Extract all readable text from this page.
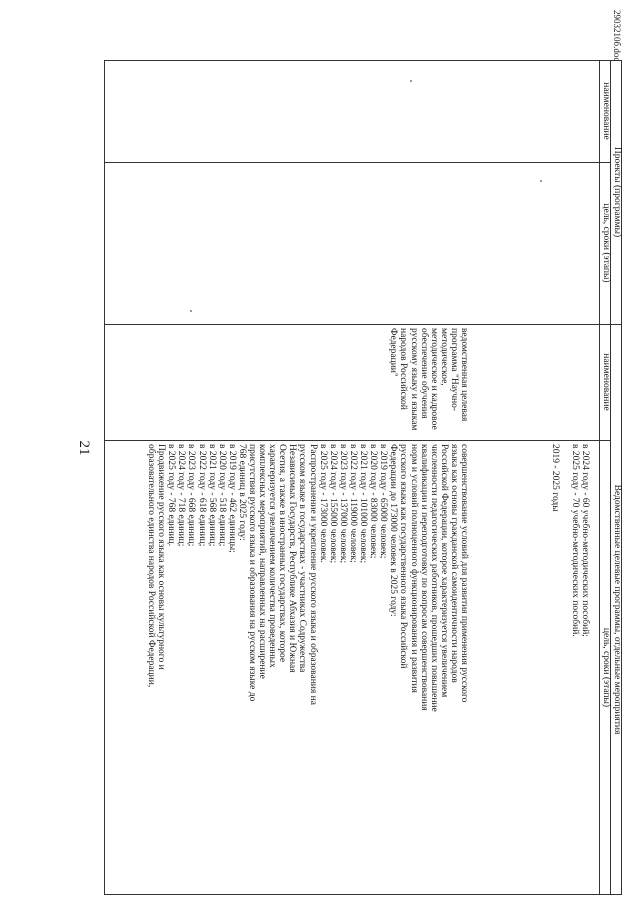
21
2903210б.doc
Проекты (программы)
наименование
цель, сроки (этапы)
Ведомственные целевые программы, отдельные мероприятия
наименование
цель, сроки (этапы)
в 2024 году - 60 учебно-методических пособий;
в 2025 году - 70 учебно-методических пособий.
2019 - 2025 годы
ведомственная целевая
программа "Научно-
методическое,
методическое и кадровое
обеспечение обучения
русскому языку и языкам
народов Российской
Федерации"
совершенствование условий для развития применения русского
языка как основы гражданской самоидентичности народов
Российской Федерации, которое характеризуется увеличением
численности педагогических работников, прошедших повышение
квалификации и переподготовку по вопросам совершенствования
норм и условий полноценного функционирования и развития
русского языка как государственного языка Российской
Федерации до 173000 человек в 2025 году:
в 2019 году - 65000 человек;
в 2020 году - 83000 человек;
в 2021 году - 101000 человек;
в 2022 году - 119000 человек;
в 2023 году - 137000 человек;
в 2024 году - 155000 человек;
в 2025 году - 173000 человек.
Распространение и укрепление русского языка и образования на
русском языке в государствах - участниках Содружества
Независимых Государств, Республике Абхазия и Южная
Осетия, а также в иностранных государствах, которое
характеризуется увеличением количества проведенных
комплексных мероприятий, направленных на расширение
присутствия русского языка и образования на русском языке до
768 единиц в 2025 году:
в 2019 году - 462 единицы;
в 2020 году - 518 единиц;
в 2021 году - 568 единиц;
в 2022 году - 618 единиц;
в 2023 году - 668 единиц;
в 2024 году - 718 единиц;
в 2025 году - 768 единиц.
Продвижение русского языка как основы культурного и
образовательного единства народов Российской Федерации,
